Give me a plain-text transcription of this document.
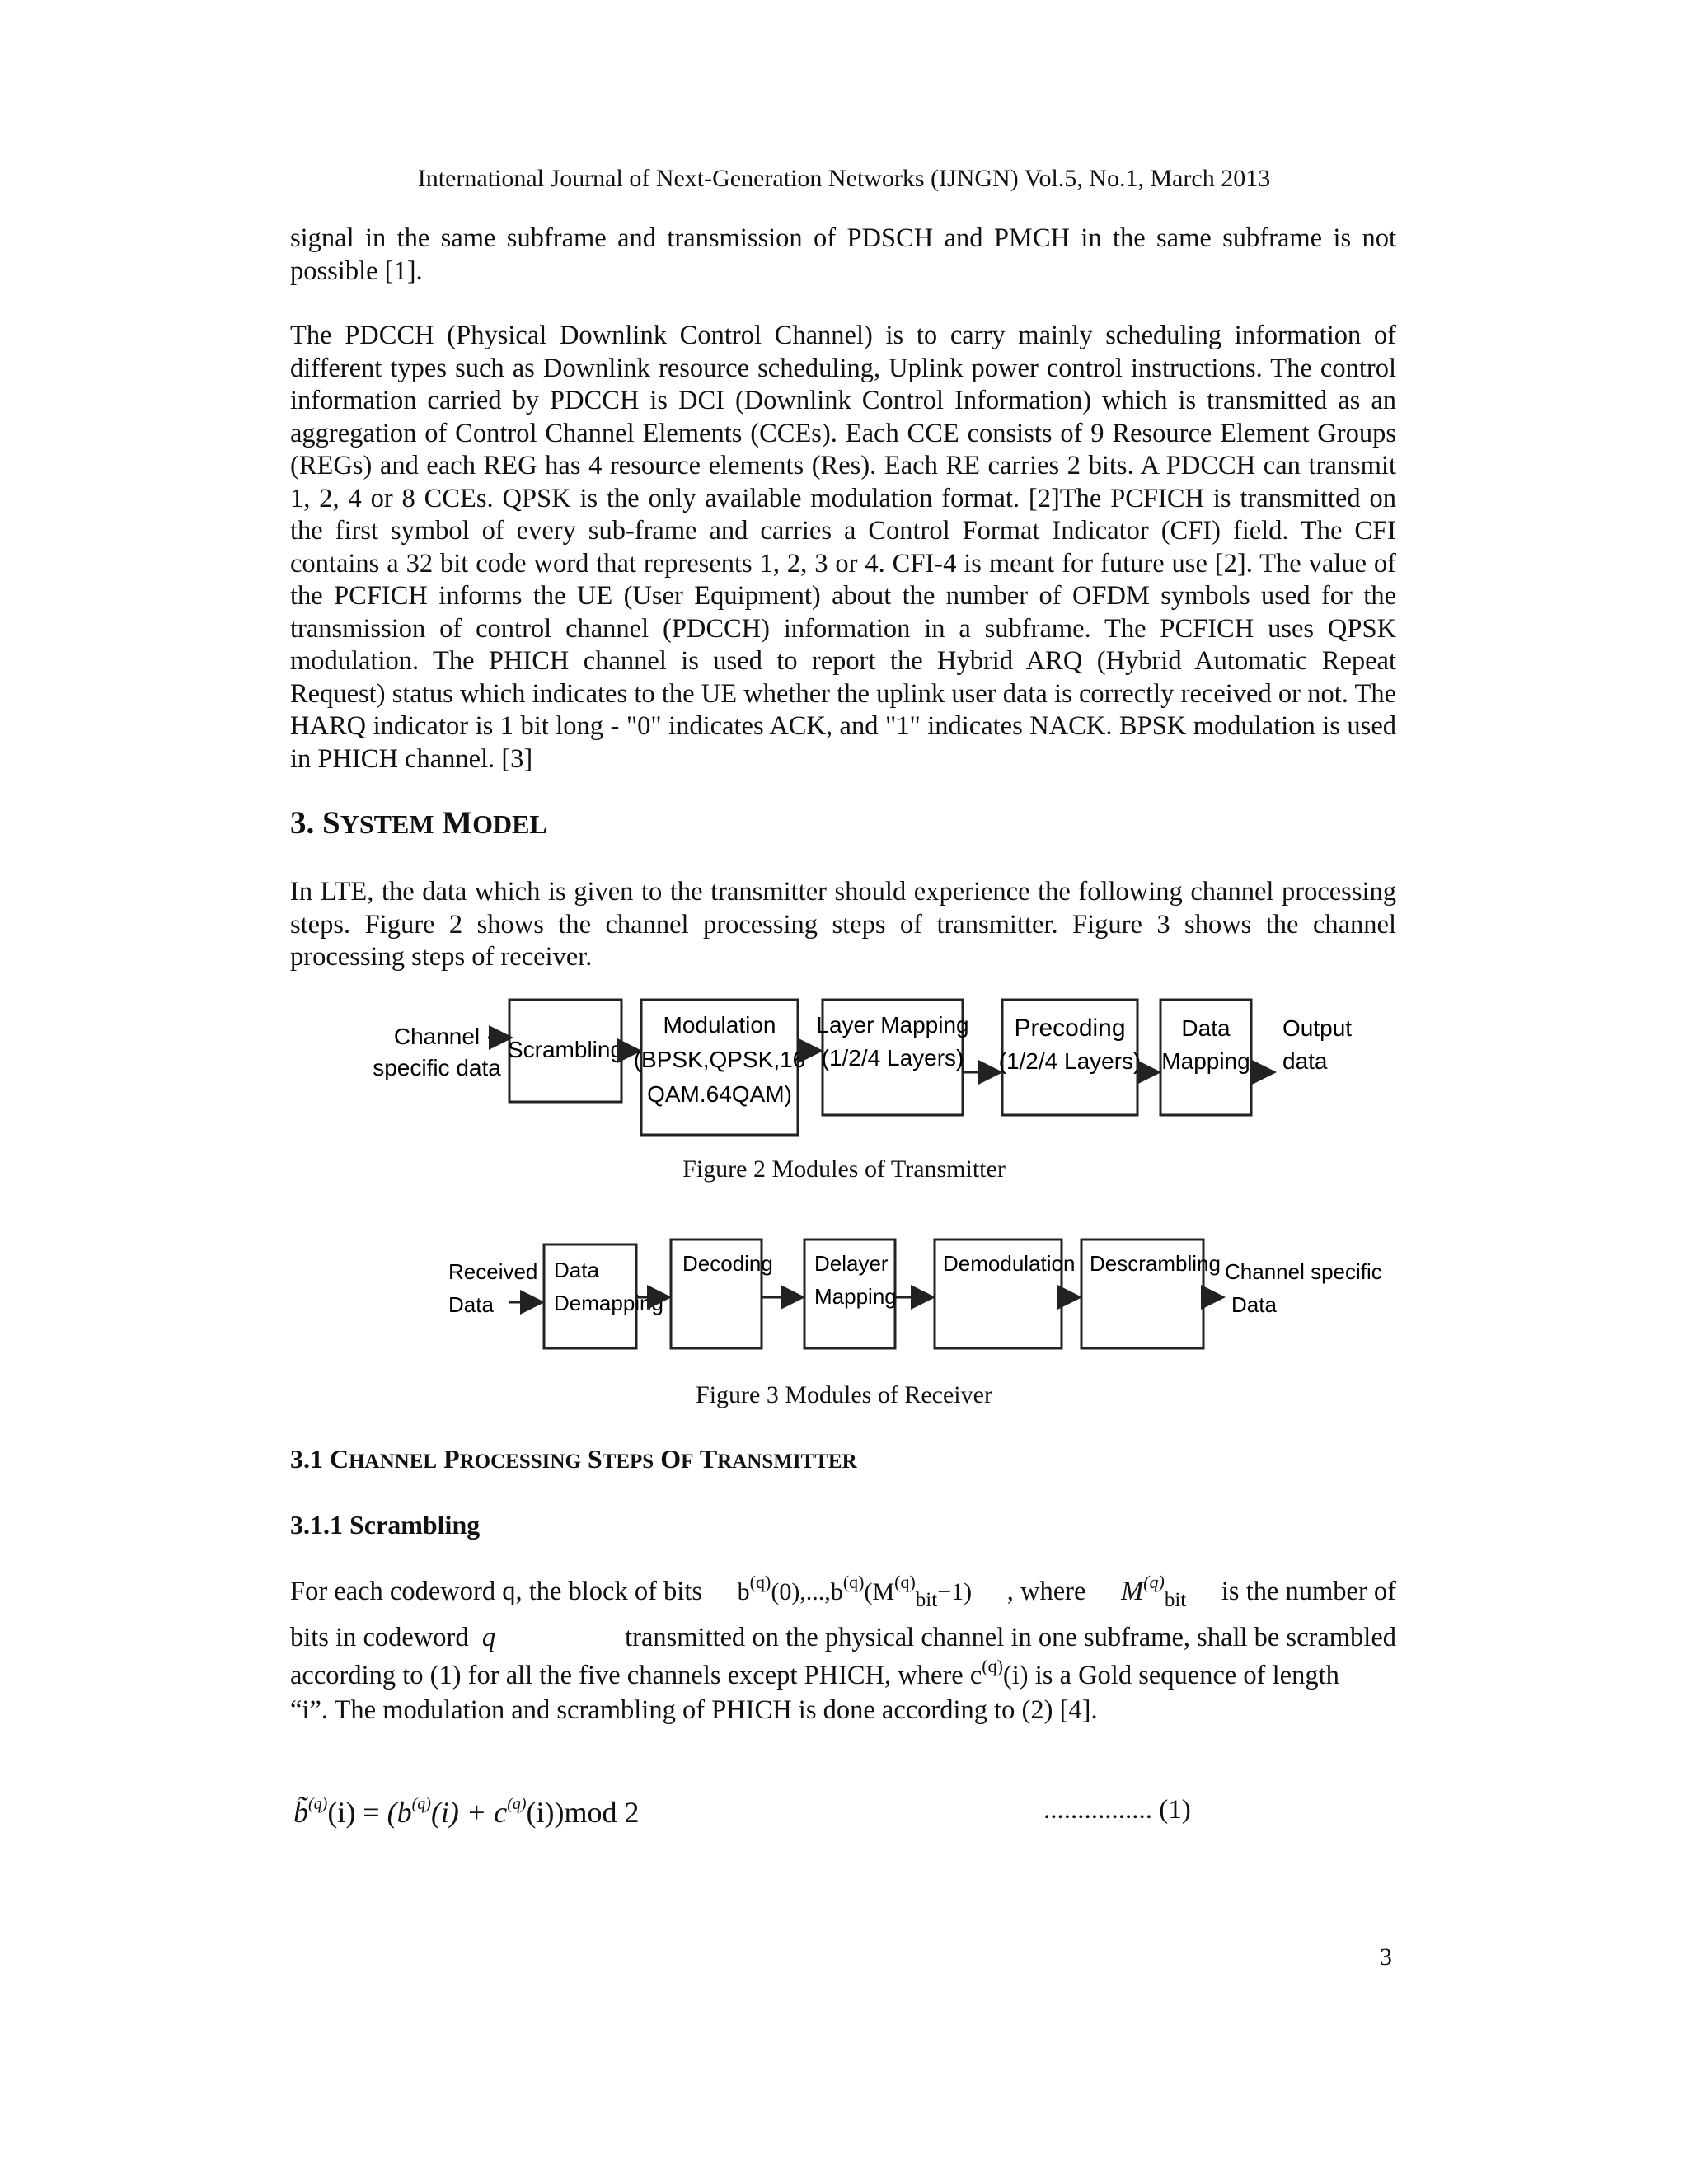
International Journal of Next-Generation Networks (IJNGN) Vol.5, No.1, March 2013

signal in the same subframe and transmission of PDSCH and PMCH in the same subframe is not possible [1].

The PDCCH (Physical Downlink Control Channel) is to carry mainly scheduling information of different types such as Downlink resource scheduling, Uplink power control instructions. The control information carried by PDCCH is DCI (Downlink Control Information) which is transmitted as an aggregation of Control Channel Elements (CCEs). Each CCE consists of 9 Resource Element Groups (REGs) and each REG has 4 resource elements (Res). Each RE carries 2 bits. A PDCCH can transmit 1, 2, 4 or 8 CCEs. QPSK is the only available modulation format. [2]The PCFICH is transmitted on the first symbol of every sub-frame and carries a Control Format Indicator (CFI) field. The CFI contains a 32 bit code word that represents 1, 2, 3 or 4. CFI-4 is meant for future use [2]. The value of the PCFICH informs the UE (User Equipment) about the number of OFDM symbols used for the transmission of control channel (PDCCH) information in a subframe. The PCFICH uses QPSK modulation. The PHICH channel is used to report the Hybrid ARQ (Hybrid Automatic Repeat Request) status which indicates to the UE whether the uplink user data is correctly received or not. The HARQ indicator is 1 bit long - "0" indicates ACK, and "1" indicates NACK. BPSK modulation is used in PHICH channel. [3]

3. SYSTEM MODEL

In LTE, the data which is given to the transmitter should experience the following channel processing steps. Figure 2 shows the channel processing steps of transmitter. Figure 3 shows the channel processing steps of receiver.

Channel
specific data
Scrambling
Modulation
(BPSK,QPSK,16
QAM.64QAM)
Layer Mapping
(1/2/4 Layers)
Precoding
(1/2/4 Layers)
Data
Mapping
Output
data
Figure 2 Modules of Transmitter
Received
Data
Data
Demapping
Decoding Delayer
Mapping
Demodulation Descrambling Channel specific
Data
Figure 3 Modules of Receiver
3.1 CHANNEL PROCESSING STEPS OF TRANSMITTER
3.1.1 Scrambling
For each codeword q, the block of bits $b^{(q)}(0),...,b^{(q)}(M^{(q)}_{bit}-1)$ , where $M^{(q)}_{bit}$ is the number of
bits in codeword q	transmitted on the physical channel in one subframe, shall be scrambled
according to (1) for all the five channels except PHICH, where $c^{(q)}(i)$ is a Gold sequence of length
“i”. The modulation and scrambling of PHICH is done according to (2) [4].
b̃$^{(q)}$(i) = $(b^{(q)}(i) + c^{(q)}(i))mod$ 2	................ (1)
3
